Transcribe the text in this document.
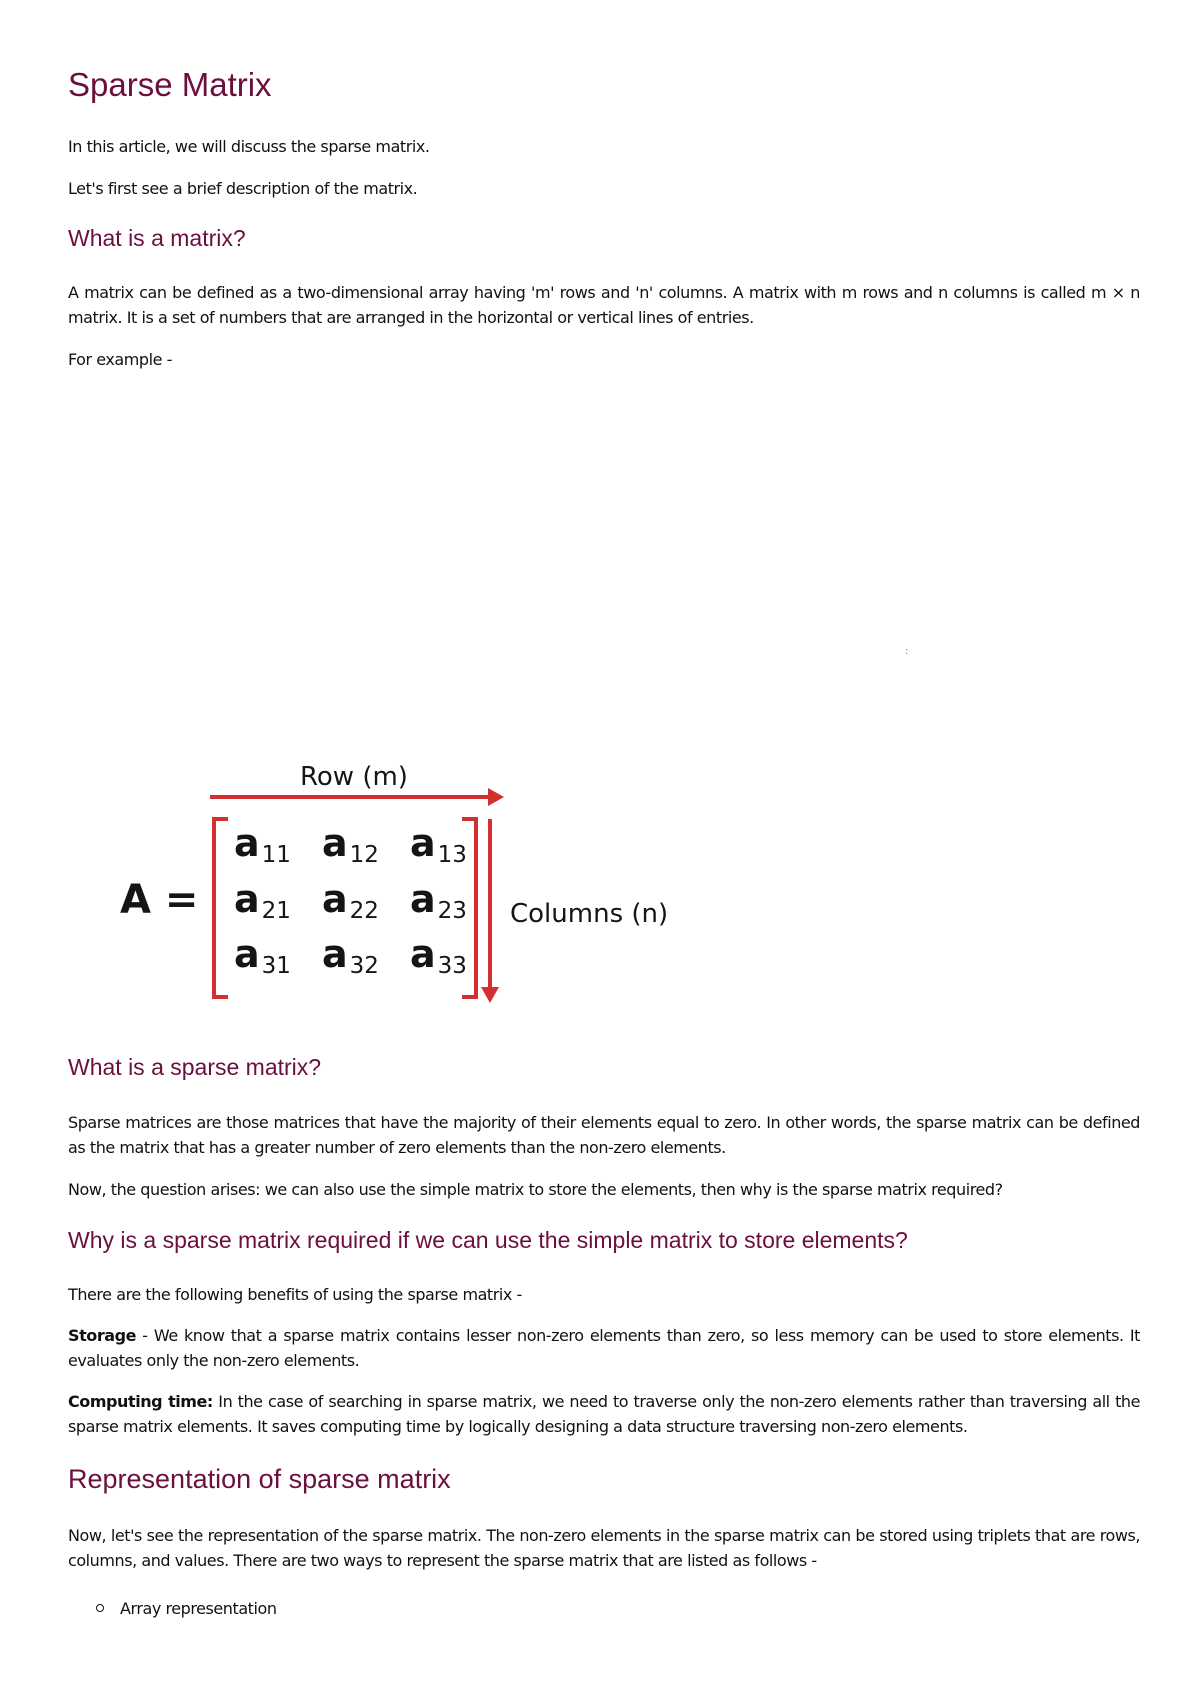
Sparse Matrix

In this article, we will discuss the sparse matrix.

Let's first see a brief description of the matrix.

What is a matrix?

A matrix can be defined as a two-dimensional array having 'm' rows and 'n' columns. A matrix with m rows and n columns is called m × n matrix. It is a set of numbers that are arranged in the horizontal or vertical lines of entries.

For example -

What is a sparse matrix?

Sparse matrices are those matrices that have the majority of their elements equal to zero. In other words, the sparse matrix can be defined as the matrix that has a greater number of zero elements than the non-zero elements.

Now, the question arises: we can also use the simple matrix to store the elements, then why is the sparse matrix required?

Why is a sparse matrix required if we can use the simple matrix to store elements?

There are the following benefits of using the sparse matrix -

Storage - We know that a sparse matrix contains lesser non-zero elements than zero, so less memory can be used to store elements. It evaluates only the non-zero elements.

Computing time: In the case of searching in sparse matrix, we need to traverse only the non-zero elements rather than traversing all the sparse matrix elements. It saves computing time by logically designing a data structure traversing non-zero elements.

Representation of sparse matrix

Now, let's see the representation of the sparse matrix. The non-zero elements in the sparse matrix can be stored using triplets that are rows, columns, and values. There are two ways to represent the sparse matrix that are listed as follows -

Array representation
:
Row (m)
A =	Columns (n)
a11 a12 a13
a21 a22 a23
a31 a32 a33
